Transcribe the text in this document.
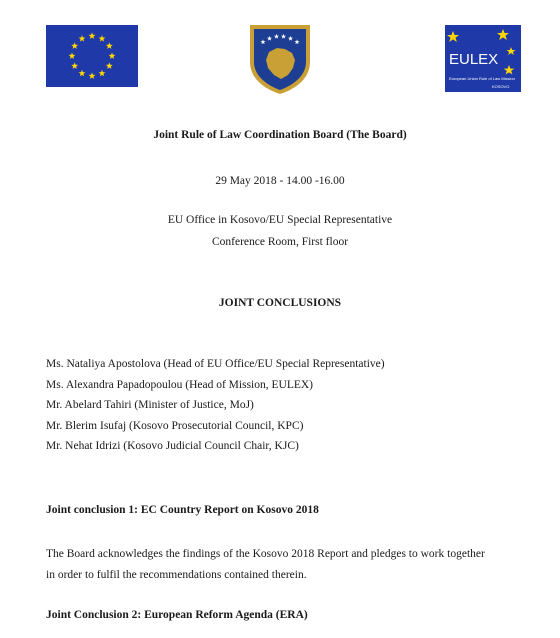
EULEX
European Union Rule of Law Mission
KOSOVO
Joint Rule of Law Coordination Board (The Board)
29 May 2018 - 14.00 -16.00
EU Office in Kosovo/EU Special Representative
Conference Room, First floor
JOINT CONCLUSIONS
Ms. Nataliya Apostolova (Head of EU Office/EU Special Representative)
Ms. Alexandra Papadopoulou (Head of Mission, EULEX)
Mr. Abelard Tahiri (Minister of Justice, MoJ)
Mr. Blerim Isufaj (Kosovo Prosecutorial Council, KPC)
Mr. Nehat Idrizi (Kosovo Judicial Council Chair, KJC)
Joint conclusion 1: EC Country Report on Kosovo 2018
The Board acknowledges the findings of the Kosovo 2018 Report and pledges to work together
in order to fulfil the recommendations contained therein.
Joint Conclusion 2: European Reform Agenda (ERA)
